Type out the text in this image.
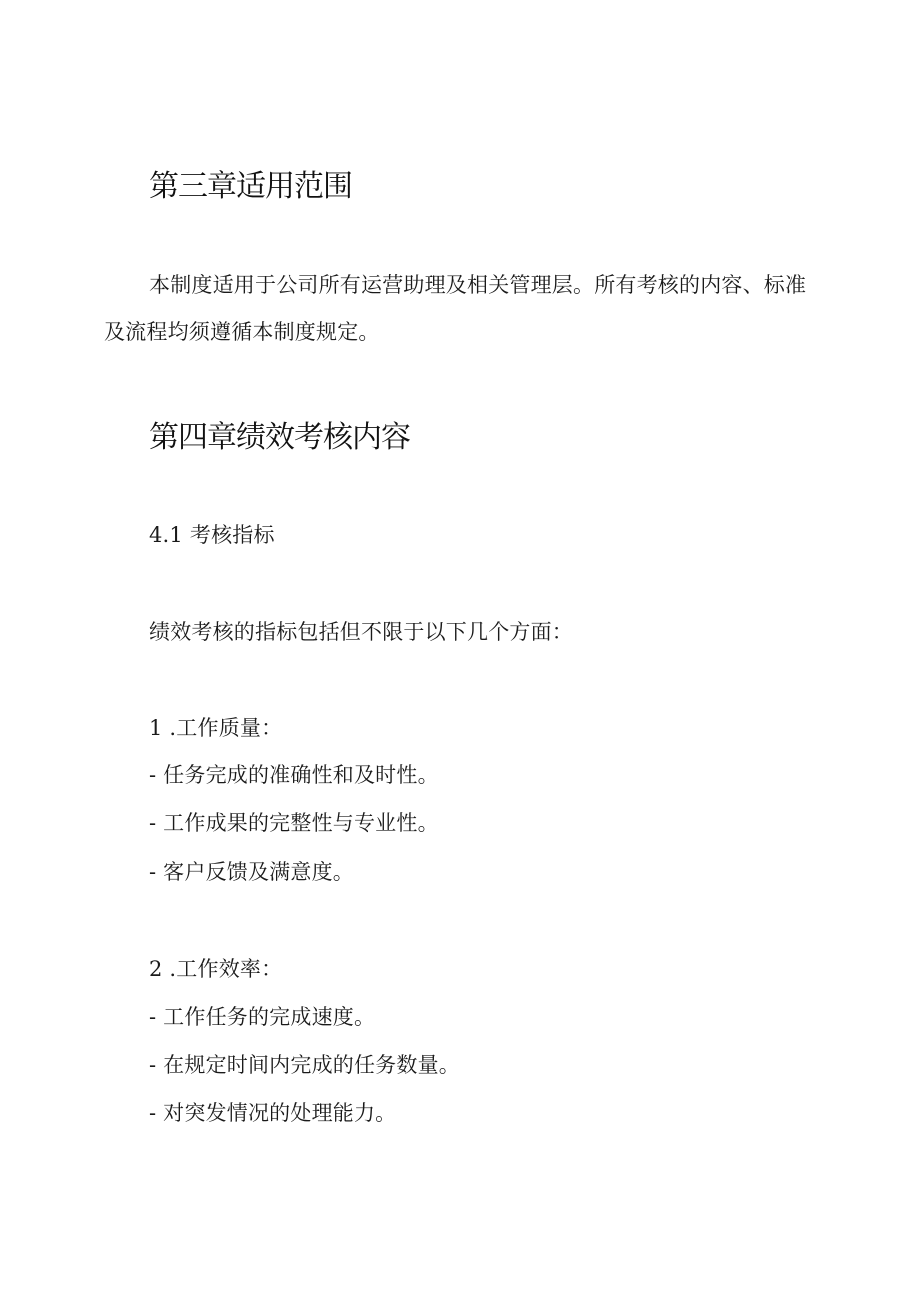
第三章适用范围
本制度适用于公司所有运营助理及相关管理层。所有考核的内容、标准及流程均须遵循本制度规定。
第四章绩效考核内容
4.1 考核指标
绩效考核的指标包括但不限于以下几个方面：
1 .工作质量：
- 任务完成的准确性和及时性。
- 工作成果的完整性与专业性。
- 客户反馈及满意度。
2 .工作效率：
- 工作任务的完成速度。
- 在规定时间内完成的任务数量。
- 对突发情况的处理能力。
